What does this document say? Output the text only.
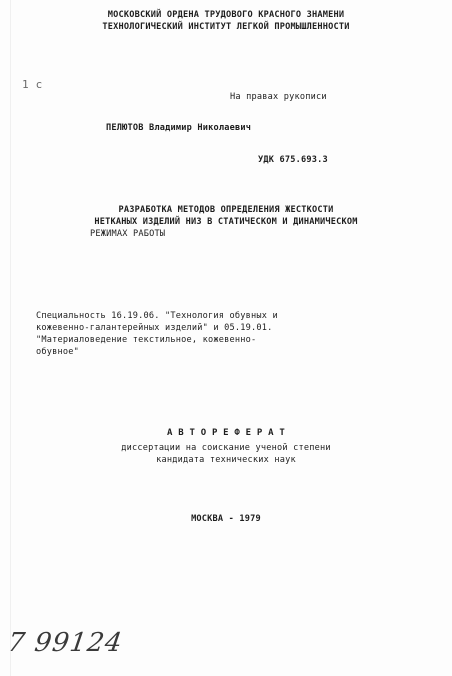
МОСКОВСКИЙ ОРДЕНА ТРУДОВОГО КРАСНОГО ЗНАМЕНИ
ТЕХНОЛОГИЧЕСКИЙ ИНСТИТУТ ЛЕГКОЙ ПРОМЫШЛЕННОСТИ
1 с
На правах рукописи
ПЕЛЮТОВ Владимир Николаевич
УДК 675.693.3
РАЗРАБОТКА МЕТОДОВ ОПРЕДЕЛЕНИЯ ЖЕСТКОСТИ
НЕТКАНЫХ ИЗДЕЛИЙ НИЗ В СТАТИЧЕСКОМ И ДИНАМИЧЕСКОМ
РЕЖИМАХ РАБОТЫ
Специальность 16.19.06. "Технология обувных и
кожевенно-галантерейных изделий" и 05.19.01.
"Материаловедение текстильное, кожевенно-
обувное"
А В Т О Р Е Ф Е Р А Т
диссертации на соискание ученой степени
кандидата технических наук
МОСКВА - 1979
7 99124
